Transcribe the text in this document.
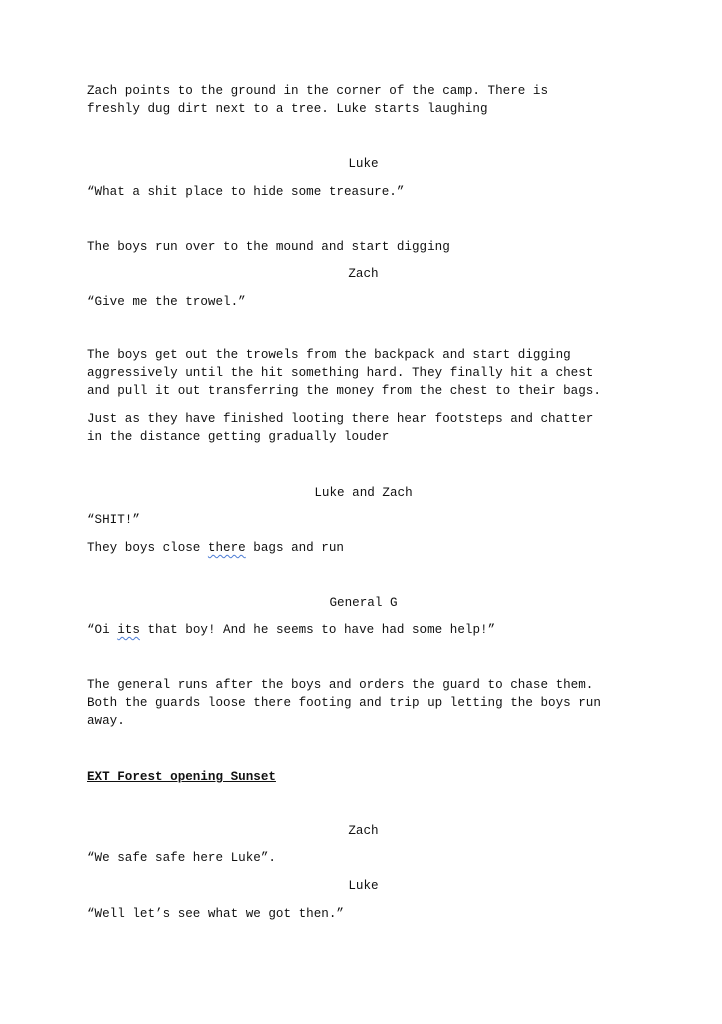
Zach points to the ground in the corner of the camp. There is
freshly dug dirt next to a tree. Luke starts laughing
Luke
“What a shit place to hide some treasure.”
The boys run over to the mound and start digging
Zach
“Give me the trowel.”
The boys get out the trowels from the backpack and start digging
aggressively until the hit something hard. They finally hit a chest
and pull it out transferring the money from the chest to their bags.
Just as they have finished looting there hear footsteps and chatter
in the distance getting gradually louder
Luke and Zach
“SHIT!”
They boys close there bags and run
General G
“Oi its that boy! And he seems to have had some help!”
The general runs after the boys and orders the guard to chase them.
Both the guards loose there footing and trip up letting the boys run
away.
EXT Forest opening Sunset
Zach
“We safe safe here Luke”.
Luke
“Well let’s see what we got then.”
